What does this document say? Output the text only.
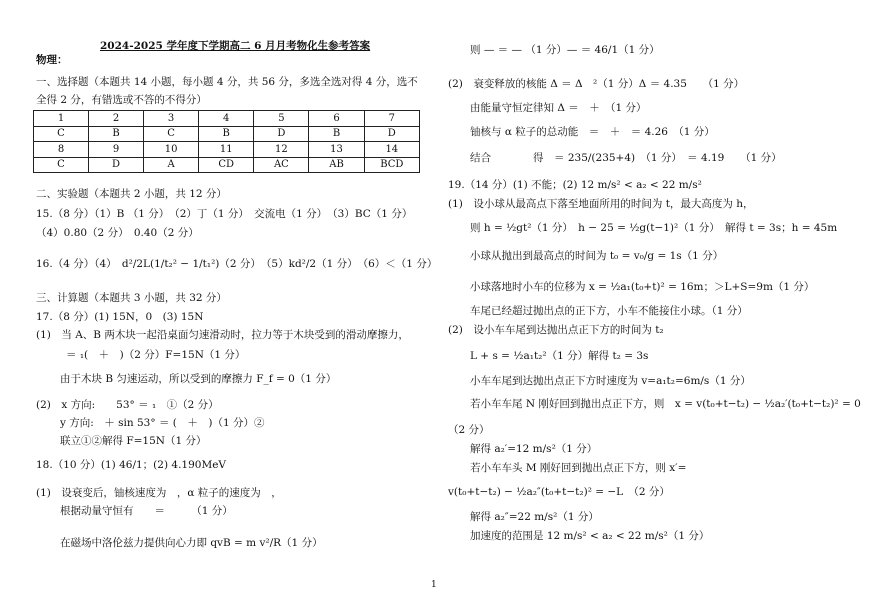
2024-2025 学年度下学期高二 6 月月考物化生参考答案
物理：
一、选择题（本题共 14 小题，每小题 4 分，共 56 分，多选全选对得 4 分，选不
全得 2 分，有错选或不答的不得分）
1	2	3	4	5	6	7
C	B	C	B	D	B	D
8	9	10	11	12	13	14
C	D	A	CD	AC	AB	BCD
二、实验题（本题共 2 小题，共 12 分）
15.（8 分）（1）B （1 分）　（2）丁（1 分）　交流电（1 分）　（3）BC（1 分）
（4）0.80（2 分）　0.40（2 分）
16.（4 分）（4）　d²/2L(1/t₂² − 1/t₁²)（2 分）　（5）kd²/2（1 分）　（6）＜（1 分）
三、计算题（本题共 3 小题，共 32 分）
17.（8 分）(1) 15N，0　(3) 15N
(1)　当 A、B 两木块一起沿桌面匀速滑动时，拉力等于木块受到的滑动摩擦力，
＝ ₁(　＋　)（2 分）F=15N（1 分）
由于木块 B 匀速运动，所以受到的摩擦力 F_f = 0（1 分）
(2)　x 方向:　　53° ＝ ₁　①（2 分）
y 方向:　＋ sin 53° ＝ (　＋　)（1 分）②
联立①②解得 F=15N（1 分）
18.（10 分）(1) 46/1；(2) 4.190MeV
(1)　设衰变后，铀核速度为　，α 粒子的速度为　，
根据动量守恒有　　＝　　　（1 分）
在磁场中洛伦兹力提供向心力即 qvB = m v²/R（1 分）
则 — ＝ — （1 分）— ＝ 46/1（1 分）
(2)　衰变释放的核能 Δ ＝ Δ　²（1 分）Δ ＝ 4.35　　（1 分）
由能量守恒定律知 Δ ＝　＋　（1 分）
铀核与 α 粒子的总动能　＝　＋　＝ 4.26　（1 分）
结合　　　　得　＝ 235/(235+4)　（1 分）　＝ 4.19　　（1 分）
19.（14 分）(1) 不能；(2) 12 m/s² < a₂ < 22 m/s²
(1)　设小球从最高点下落至地面所用的时间为 t，最大高度为 h，
则 h = ½gt²（1 分）　h − 25 = ½g(t−1)²（1 分）　解得 t = 3s；h = 45m
小球从抛出到最高点的时间为 t₀ = v₀/g = 1s（1 分）
小球落地时小车的位移为 x = ½a₁(t₀+t)² = 16m；＞L+S=9m（1 分）
车尾已经超过抛出点的正下方，小车不能接住小球。（1 分）
(2)　设小车车尾到达抛出点正下方的时间为 t₂
L + s = ½a₁t₂²（1 分）解得 t₂ = 3s
小车车尾到达抛出点正下方时速度为 v=a₁t₂=6m/s（1 分）
若小车车尾 N 刚好回到抛出点正下方，则　x = v(t₀+t−t₂) − ½a₂′(t₀+t−t₂)² = 0
（2 分）
解得 a₂′=12 m/s²（1 分）
若小车车头 M 刚好回到抛出点正下方，则 x′=
v(t₀+t−t₂) − ½a₂″(t₀+t−t₂)² = −L　（2 分）
解得 a₂″=22 m/s²（1 分）
加速度的范围是 12 m/s² < a₂ < 22 m/s²（1 分）
1
